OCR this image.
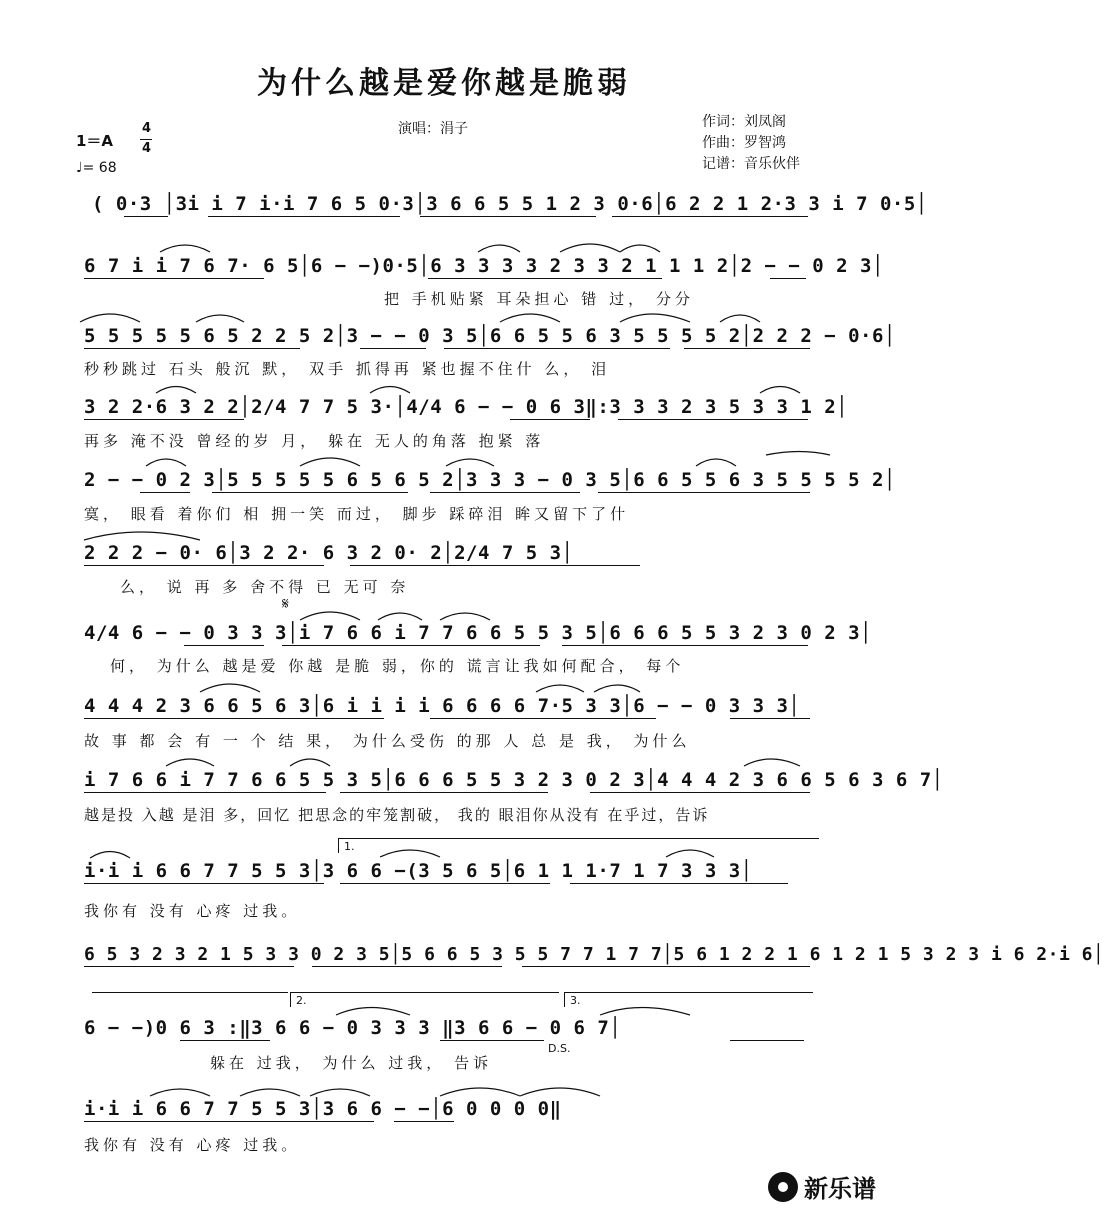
为什么越是爱你越是脆弱
演唱：涓子	作词：刘凤阁
作曲：罗智鸿
记谱：音乐伙伴
1＝A
4
4
♩= 68
( 0·3 │3i i 7 i·i 7 6 5 0·3│3 6 6 5 5 1 2 3 0·6│6 2 2 1 2·3 3 i 7 0·5│
6 7 i i 7 6 7· 6 5│6 − −)0·5│6 3 3 3 3 2 3 3 2 1 1 1 2│2 − − 0 2 3│
把 手机贴紧 耳朵担心 错 过， 分分
5 5 5 5 5 6 5 2 2 5 2│3 − − 0 3 5│6 6 5 5 6 3 5 5 5 5 2│2 2 2 − 0·6│
秒秒跳过 石头 般沉 默， 双手 抓得再 紧也握不住什 么， 泪
3 2 2·6 3 2 2│2/4 7 7 5 3·│4/4 6 − − 0 6 3‖:3 3 3 2 3 5 3 3 1 2│
再多 淹不没 曾经的岁 月， 躲在 无人的角落 抱紧 落
2 − − 0 2 3│5 5 5 5 5 6 5 6 5 2│3 3 3 − 0 3 5│6 6 5 5 6 3 5 5 5 5 2│
寞， 眼看 着你们 相 拥一笑 而过， 脚步 踩碎泪 眸又留下了什
2 2 2 − 0· 6│3 2 2· 6 3 2 0· 2│2/4 7 5 3│
么， 说 再 多 舍不得 已 无可 奈
𝄋
4/4 6 − − 0 3 3 3│i 7 6 6 i 7 7 6 6 5 5 3 5│6 6 6 5 5 3 2 3 0 2 3│
何， 为什么 越是爱 你越 是脆 弱，你的 谎言让我如何配合， 每个
4 4 4 2 3 6 6 5 6 3│6 i i i i 6 6 6 6 7·5 3 3│6 − − 0 3 3 3│
故 事 都 会 有 一 个 结 果， 为什么受伤 的那 人 总 是 我， 为什么
i 7 6 6 i 7 7 6 6 5 5 3 5│6 6 6 5 5 3 2 3 0 2 3│4 4 4 2 3 6 6 5 6 3 6 7│
越是投 入越 是泪 多，回忆 把思念的牢笼割破， 我的 眼泪你从没有 在乎过，告诉
1.
i·i i 6 6 7 7 5 5 3│3 6 6 −(3 5 6 5│6 1 1 1·7 1 7 3 3 3│
我你有 没有 心疼 过我。
6 5 3 2 3 2 1 5 3 3 0 2 3 5│5 6 6 5 3 5 5 7 7 1 7 7│5 6 1 2 2 1 6 1 2 1 5 3 2 3 i 6 2·i 6│
2.	3.
6 − −)0 6 3 :‖3 6 6 − 0 3 3 3 ‖3 6 6 − 0 6 7│
D.S.
躲在 过我， 为什么 过我， 告诉
i·i i 6 6 7 7 5 5 3│3 6 6 − −│6 0 0 0 0‖
我你有 没有 心疼 过我。
新乐谱
